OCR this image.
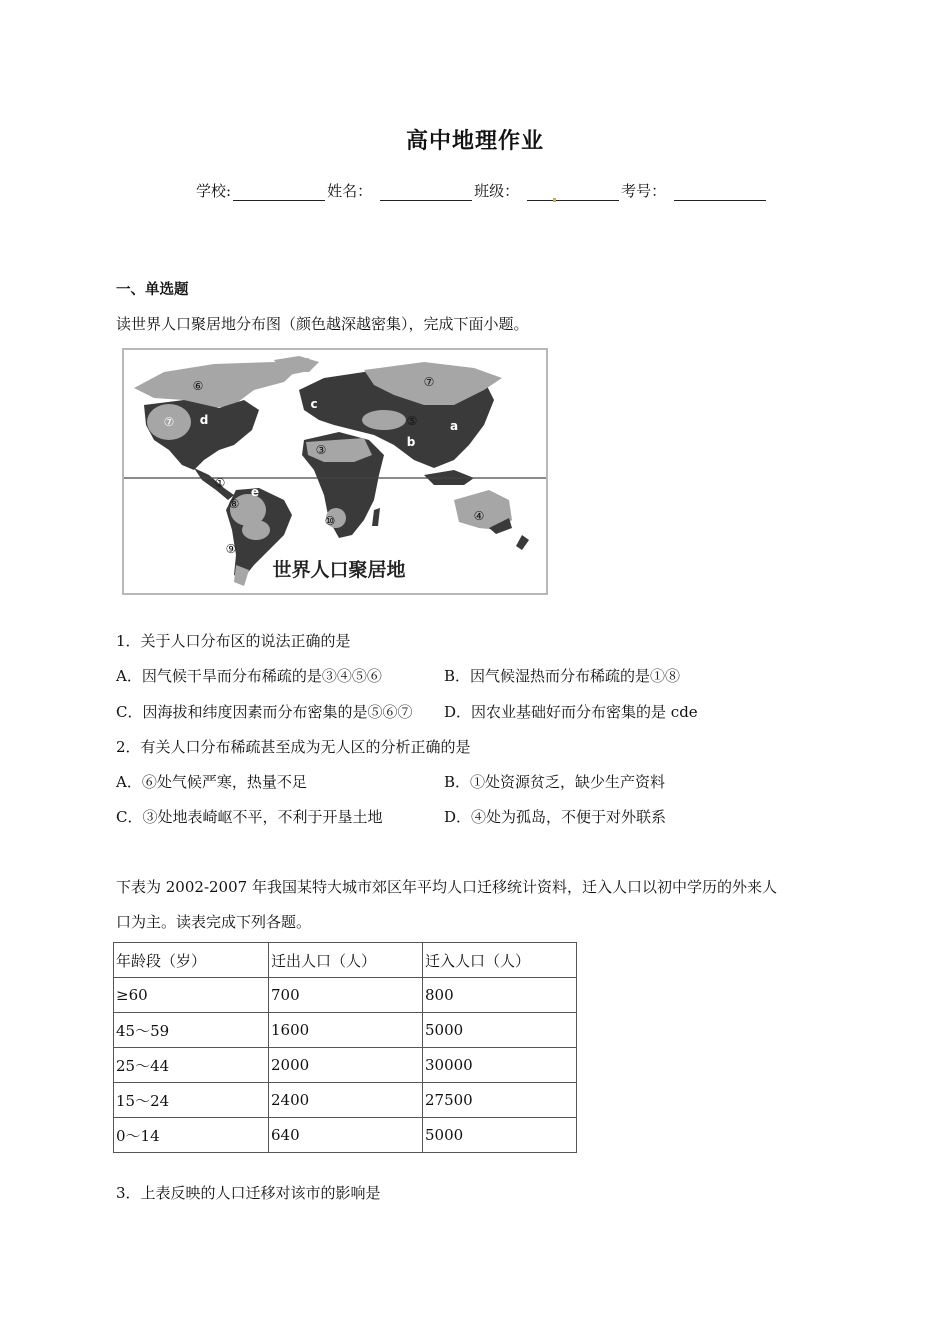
高中地理作业
学校:	姓名：	班级：	考号：
一、单选题
读世界人口聚居地分布图（颜色越深越密集），完成下面小题。
⑥
⑦ d
⑦
c
⑤	a
b
③
①
e
⑧
⑩	④
⑨
世界人口聚居地
1．关于人口分布区的说法正确的是
A．因气候干旱而分布稀疏的是③④⑤⑥	B．因气候湿热而分布稀疏的是①⑧
C．因海拔和纬度因素而分布密集的是⑤⑥⑦ D．因农业基础好而分布密集的是 cde
2．有关人口分布稀疏甚至成为无人区的分析正确的是
A．⑥处气候严寒，热量不足	B．①处资源贫乏，缺少生产资料
C．③处地表崎岖不平，不利于开垦土地	D．④处为孤岛，不便于对外联系
下表为 2002-2007 年我国某特大城市郊区年平均人口迁移统计资料，迁入人口以初中学历的外来人
口为主。读表完成下列各题。
年龄段（岁）	迁出人口（人）	迁入人口（人）
≥60	700	800
45～59	1600	5000
25～44	2000	30000
15～24	2400	27500
0～14	640	5000
3．上表反映的人口迁移对该市的影响是
